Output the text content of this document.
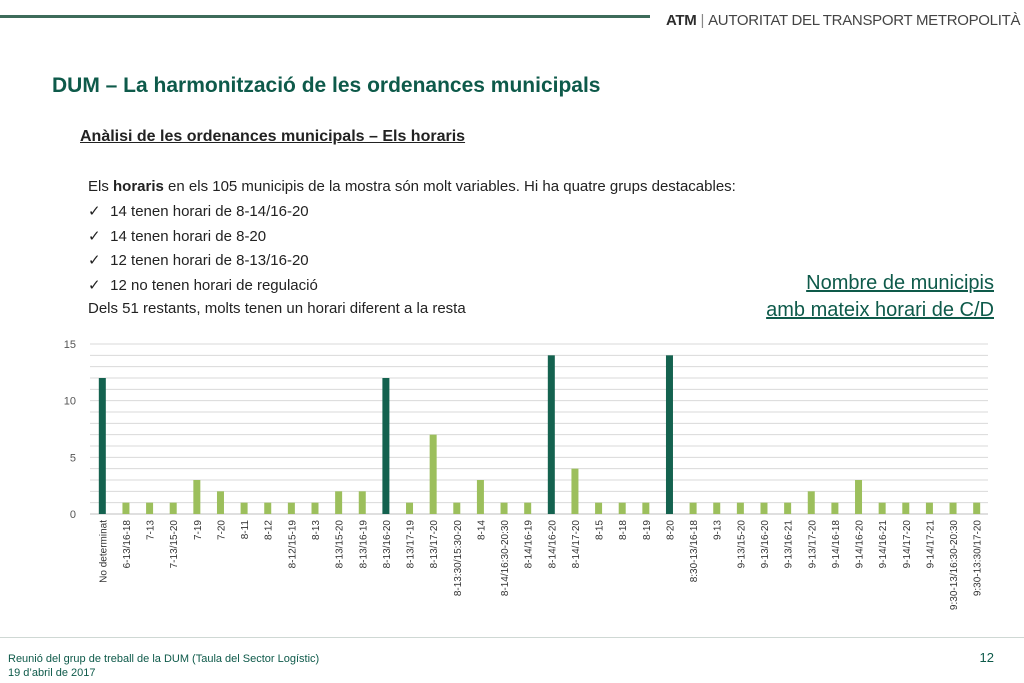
ATM | AUTORITAT DEL TRANSPORT METROPOLITÀ
DUM – La harmonització de les ordenances municipals
Anàlisi de les ordenances municipals – Els horaris
Els horaris en els 105 municipis de la mostra són molt variables. Hi ha quatre grups destacables:
✓ 14 tenen horari de 8-14/16-20
✓ 14 tenen horari de 8-20
✓ 12 tenen horari de 8-13/16-20
✓ 12 no tenen horari de regulació
Dels 51 restants, molts tenen un horari diferent a la resta
Nombre de municipis
amb mateix horari de C/D
0
5
10
15
No determinat 6-13/16-18 7-13 7-13/15-20 7-19 7-20 8-11 8-12 8-12/15-19 8-13 8-13/15-20 8-13/16-19 8-13/16-20 8-13/17-19 8-13/17-20 8-13:30/15:30-20 8-14 8-14/16:30-20:30 8-14/16-19 8-14/16-20 8-14/17-20 8-15 8-18 8-19 8-20 8:30-13/16-18 9-13 9-13/15-20 9-13/16-20 9-13/16-21 9-13/17-20 9-14/16-18 9-14/16-20 9-14/16-21 9-14/17-20 9-14/17-21 9:30-13/16:30-20:30 9:30-13:30/17-20
Reunió del grup de treball de la DUM (Taula del Sector Logístic)
19 d’abril de 2017
12
